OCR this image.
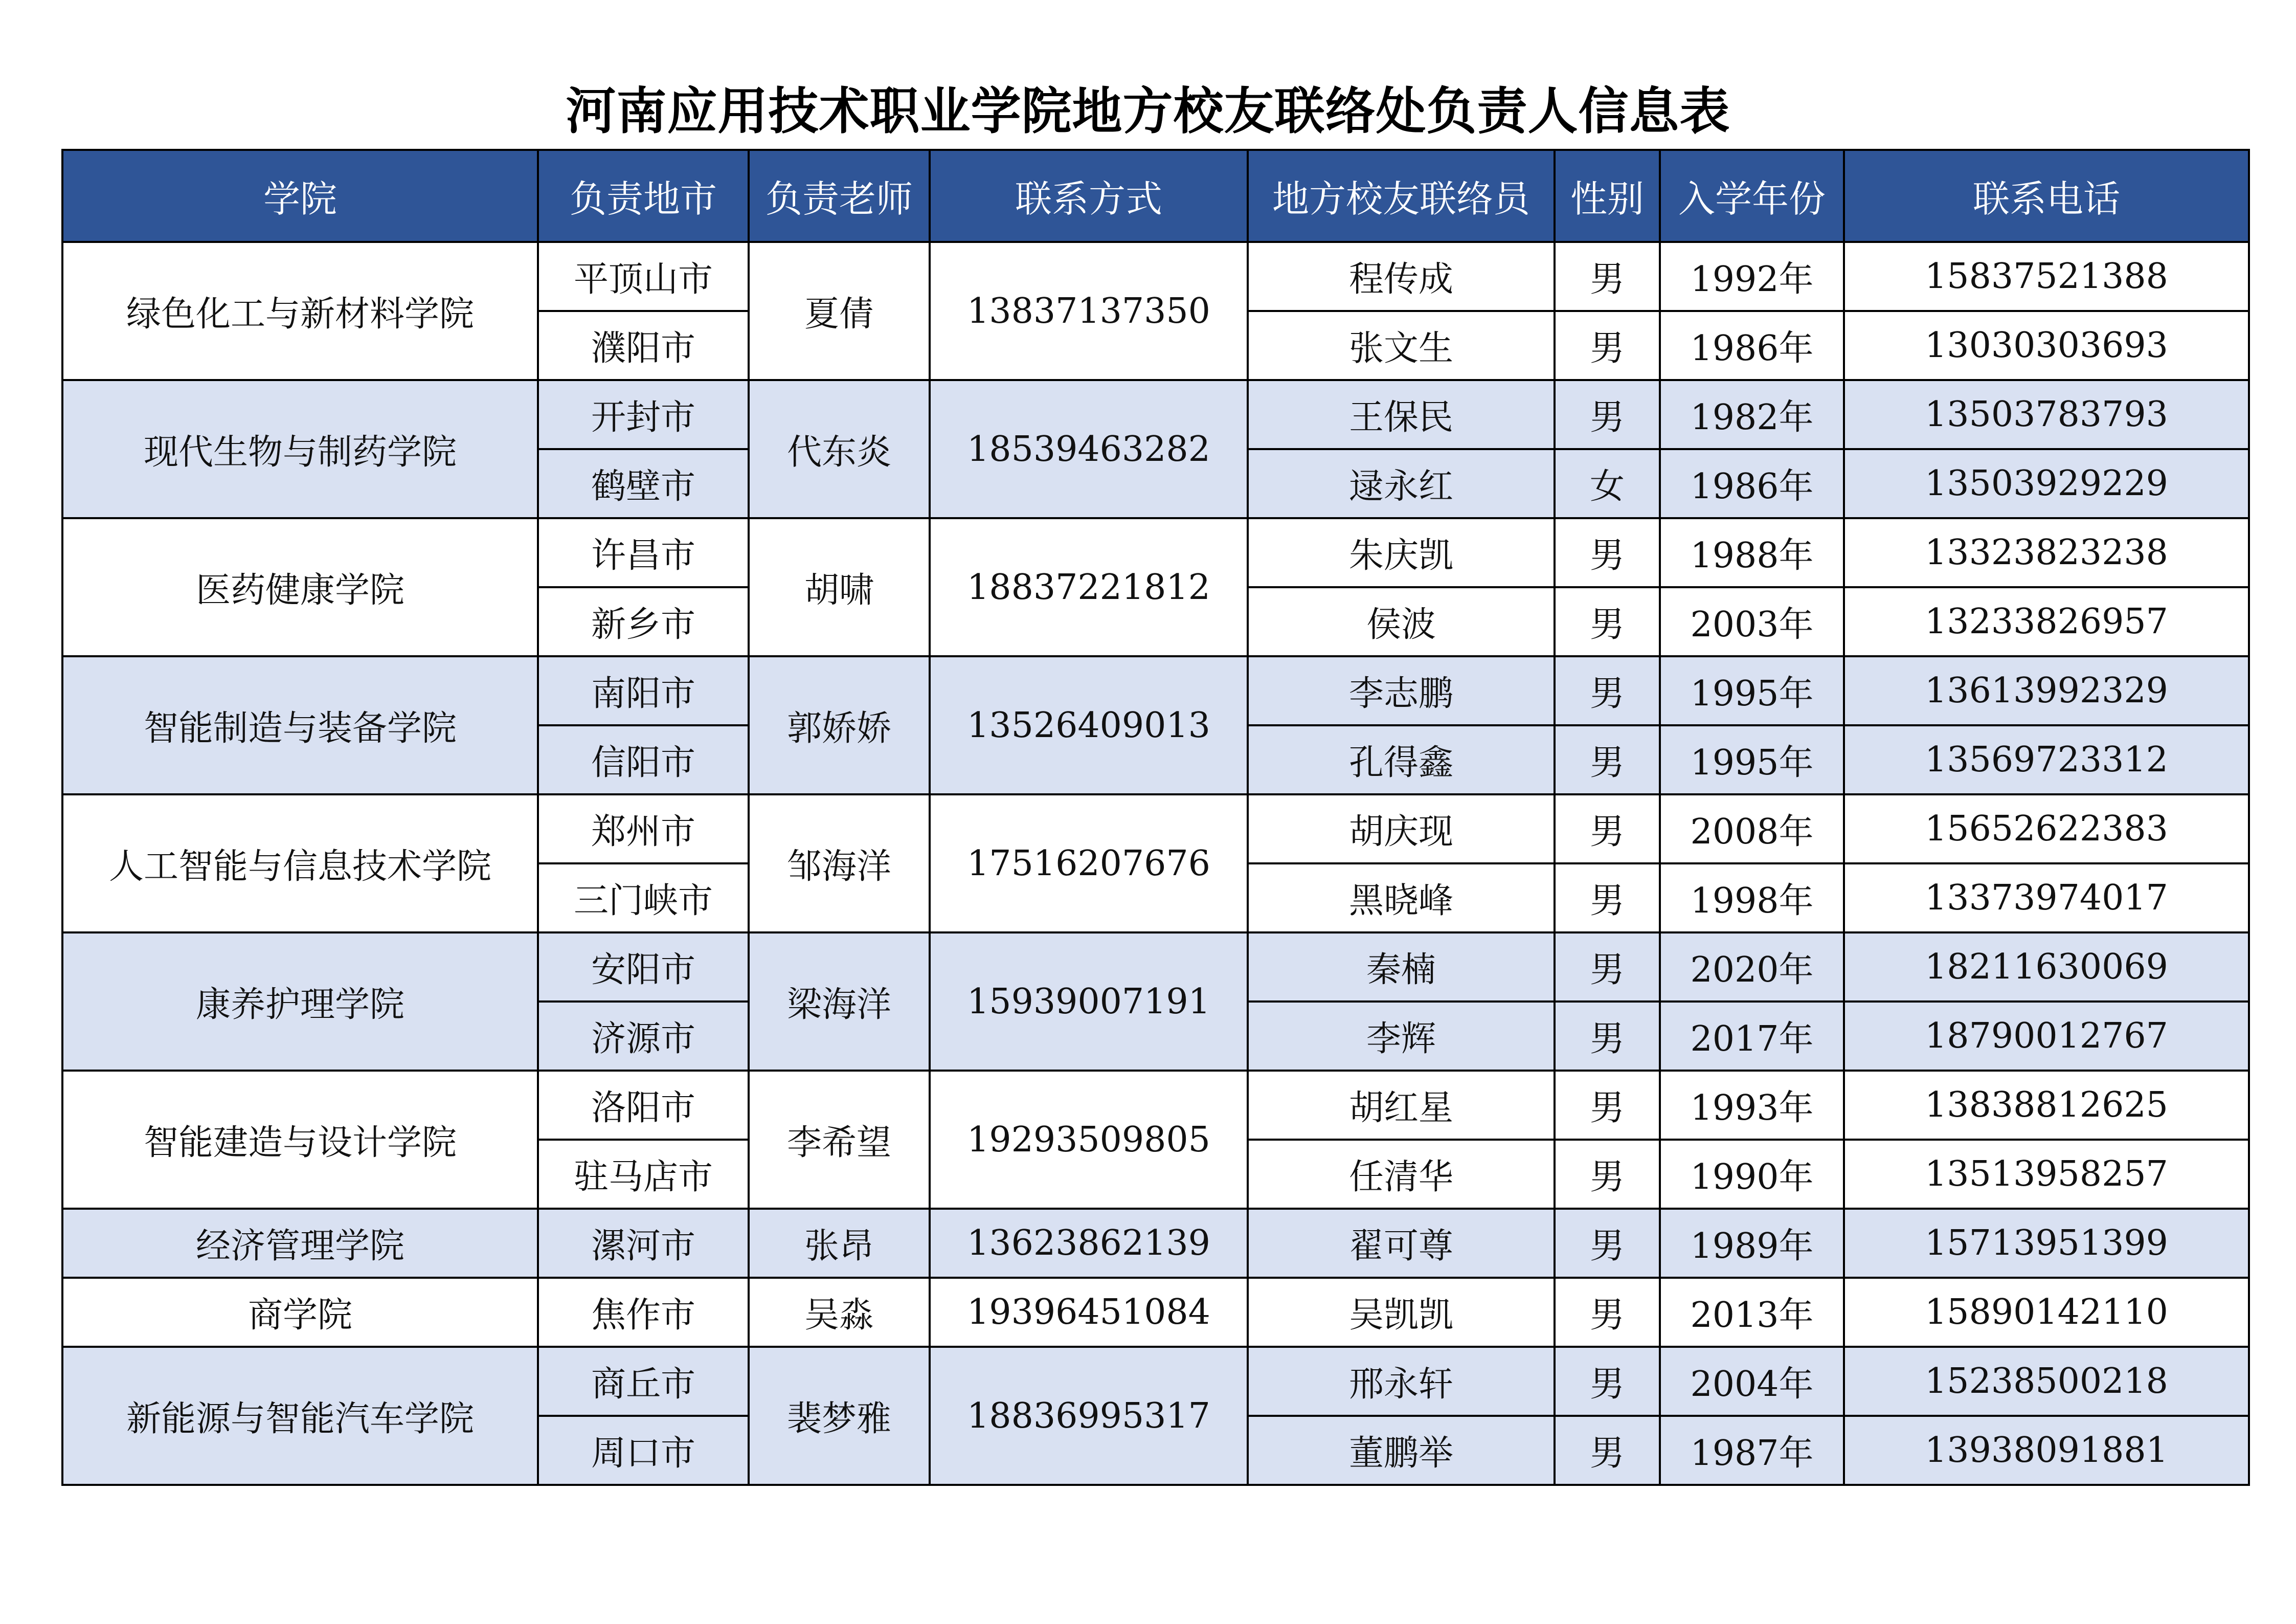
河南应用技术职业学院地方校友联络处负责人信息表
学院	负责地市	负责老师	联系方式	地方校友联络员	性别	入学年份	联系电话
绿色化工与新材料学院	平顶山市	夏倩	13837137350	程传成	男	1992年	15837521388
	濮阳市			张文生	男	1986年	13030303693
现代生物与制药学院	开封市	代东炎	18539463282	王保民	男	1982年	13503783793
	鹤壁市			逯永红	女	1986年	13503929229
医药健康学院	许昌市	胡啸	18837221812	朱庆凯	男	1988年	13323823238
	新乡市			侯波	男	2003年	13233826957
智能制造与装备学院	南阳市	郭娇娇	13526409013	李志鹏	男	1995年	13613992329
	信阳市			孔得鑫	男	1995年	13569723312
人工智能与信息技术学院	郑州市	邹海洋	17516207676	胡庆现	男	2008年	15652622383
	三门峡市			黑晓峰	男	1998年	13373974017
康养护理学院	安阳市	梁海洋	15939007191	秦楠	男	2020年	18211630069
	济源市			李辉	男	2017年	18790012767
智能建造与设计学院	洛阳市	李希望	19293509805	胡红星	男	1993年	13838812625
	驻马店市			任清华	男	1990年	13513958257
经济管理学院	漯河市	张昂	13623862139	翟可尊	男	1989年	15713951399
商学院	焦作市	吴淼	19396451084	吴凯凯	男	2013年	15890142110
新能源与智能汽车学院	商丘市	裴梦雅	18836995317	邢永轩	男	2004年	15238500218
	周口市			董鹏举	男	1987年	13938091881
